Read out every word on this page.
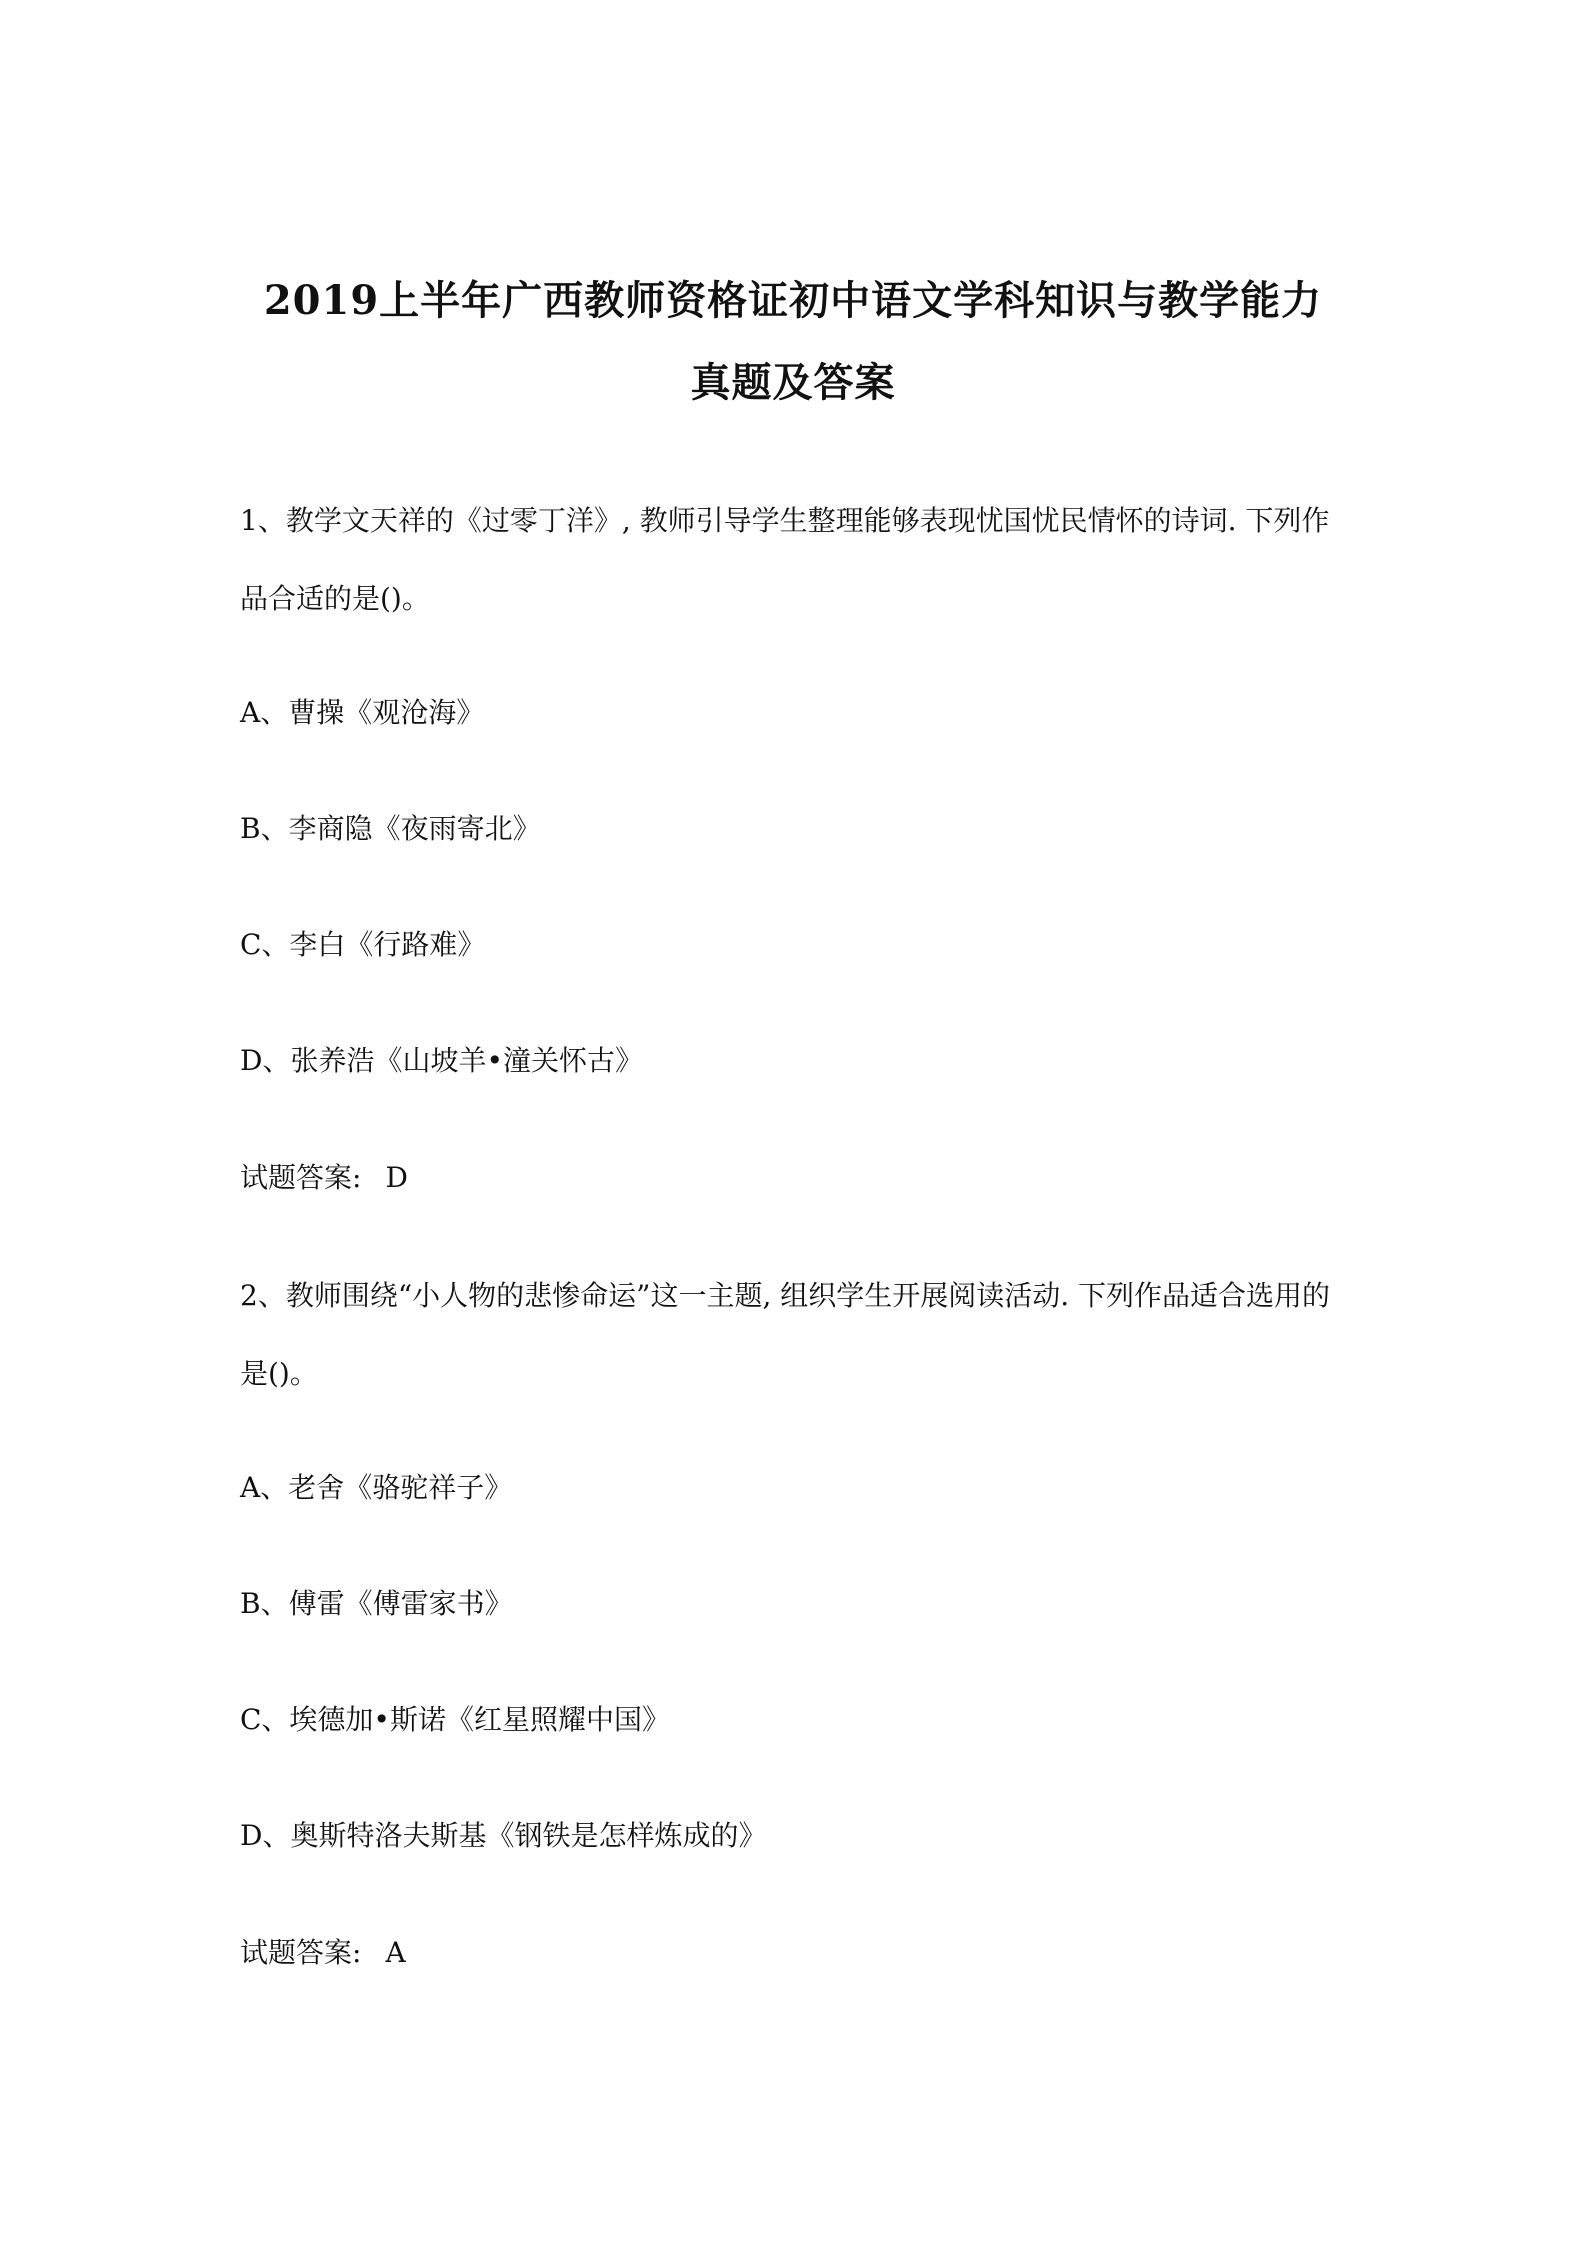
2019上半年广西教师资格证初中语文学科知识与教学能力
真题及答案
1、教学文天祥的《过零丁洋》, 教师引导学生整理能够表现忧国忧民情怀的诗词. 下列作品合适的是()。
A、曹操《观沧海》
B、李商隐《夜雨寄北》
C、李白《行路难》
D、张养浩《山坡羊•潼关怀古》
试题答案: D
2、教师围绕“小人物的悲惨命运”这一主题, 组织学生开展阅读活动. 下列作品适合选用的是()。
A、老舍《骆驼祥子》
B、傅雷《傅雷家书》
C、埃德加•斯诺《红星照耀中国》
D、奥斯特洛夫斯基《钢铁是怎样炼成的》
试题答案: A
